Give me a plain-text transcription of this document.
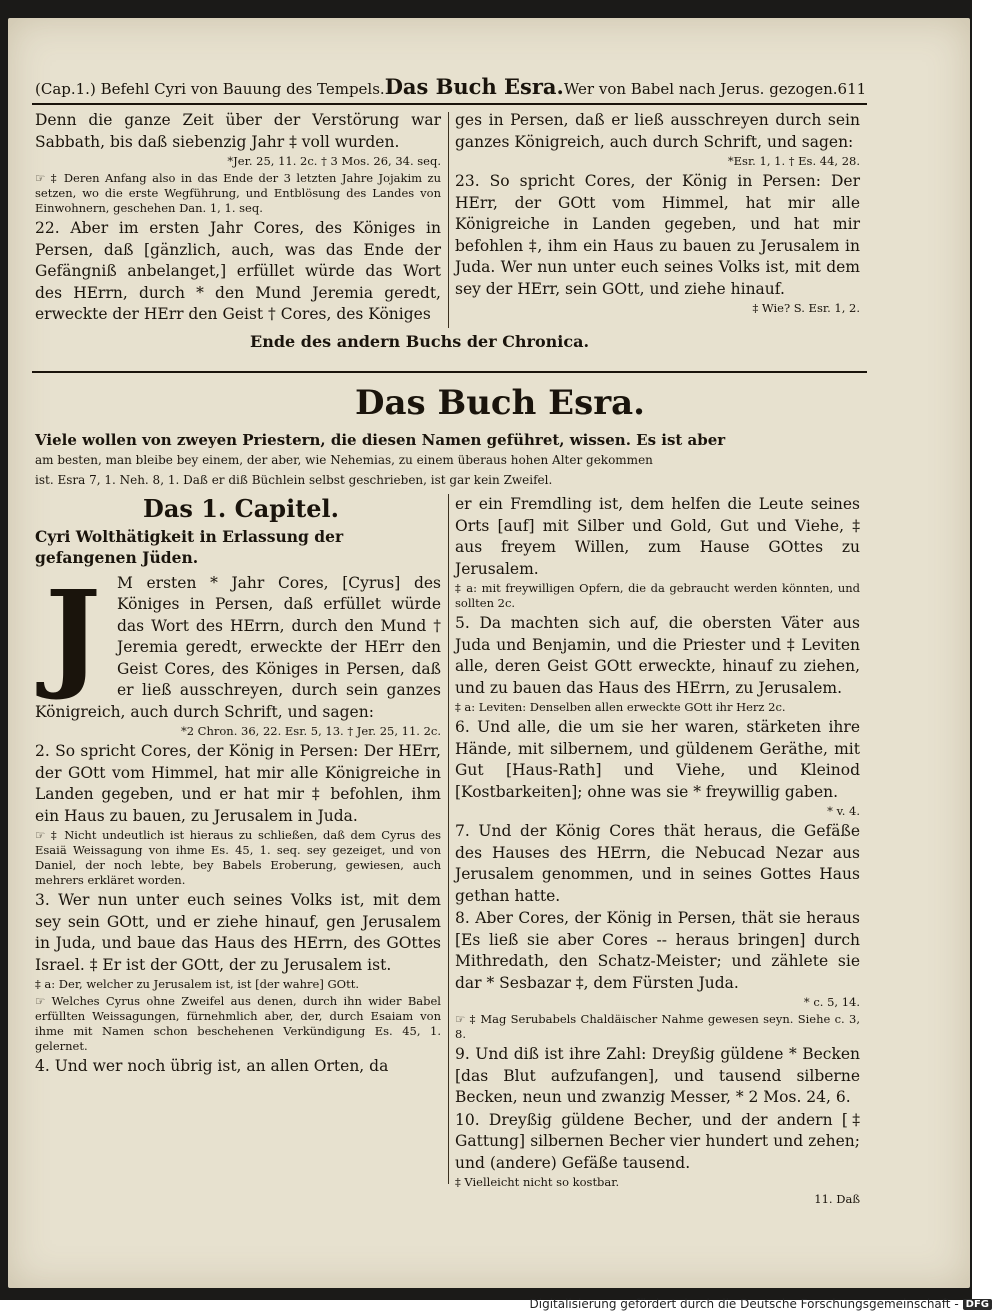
(Cap.1.) Befehl Cyri von Bauung des Tempels. Das Buch Esra. Wer von Babel nach Jerus. gezogen. 611

Denn die ganze Zeit über der Verstörung war Sabbath, bis daß siebenzig Jahr ‡ voll wurden.

*Jer. 25, 11. 2c. † 3 Mos. 26, 34. seq.

☞ ‡ Deren Anfang also in das Ende der 3 letzten Jahre Jojakim zu setzen, wo die erste Wegführung, und Entblösung des Landes von Einwohnern, geschehen Dan. 1, 1. seq.

22. Aber im ersten Jahr Cores, des Königes in Persen, daß [gänzlich, auch, was das Ende der Gefängniß anbelanget,] erfüllet würde das Wort des HErrn, durch * den Mund Jeremia geredt, erweckte der HErr den Geist † Cores, des Königes

ges in Persen, daß er ließ ausschreyen durch sein ganzes Königreich, auch durch Schrift, und sagen:

*Esr. 1, 1. † Es. 44, 28.

23. So spricht Cores, der König in Persen: Der HErr, der GOtt vom Himmel, hat mir alle Königreiche in Landen gegeben, und hat mir befohlen ‡, ihm ein Haus zu bauen zu Jerusalem in Juda. Wer nun unter euch seines Volks ist, mit dem sey der HErr, sein GOtt, und ziehe hinauf.

‡ Wie? S. Esr. 1, 2.

Ende des andern Buchs der Chronica.
Das Buch Esra.
Viele wollen von zweyen Priestern, die diesen Namen geführet, wissen. Es ist aber
am besten, man bleibe bey einem, der aber, wie Nehemias, zu einem überaus hohen Alter gekommen
ist. Esra 7, 1. Neh. 8, 1. Daß er diß Büchlein selbst geschrieben, ist gar kein Zweifel.

Das 1. Capitel.

Cyri Wolthätigkeit in Erlassung der gefangenen Jüden.

J	M ersten * Jahr Cores, [Cyrus] des Königes in Persen, daß erfüllet würde das Wort des HErrn, durch den Mund † Jeremia geredt, erweckte der HErr den Geist Cores, des Königes in Persen, daß er ließ ausschreyen, durch sein ganzes Königreich, auch durch Schrift, und sagen:

*2 Chron. 36, 22. Esr. 5, 13. † Jer. 25, 11. 2c.

2. So spricht Cores, der König in Persen: Der HErr, der GOtt vom Himmel, hat mir alle Königreiche in Landen gegeben, und er hat mir ‡ befohlen, ihm ein Haus zu bauen, zu Jerusalem in Juda.

☞ ‡ Nicht undeutlich ist hieraus zu schließen, daß dem Cyrus des Esaiä Weissagung von ihme Es. 45, 1. seq. sey gezeiget, und von Daniel, der noch lebte, bey Babels Eroberung, gewiesen, auch mehrers erkläret worden.

3. Wer nun unter euch seines Volks ist, mit dem sey sein GOtt, und er ziehe hinauf, gen Jerusalem in Juda, und baue das Haus des HErrn, des GOttes Israel. ‡ Er ist der GOtt, der zu Jerusalem ist.

‡ a: Der, welcher zu Jerusalem ist, ist [der wahre] GOtt.

☞ Welches Cyrus ohne Zweifel aus denen, durch ihn wider Babel erfüllten Weissagungen, fürnehmlich aber, der, durch Esaiam von ihme mit Namen schon beschehenen Verkündigung Es. 45, 1. gelernet.

4. Und wer noch übrig ist, an allen Orten, da

er ein Fremdling ist, dem helfen die Leute seines Orts [auf] mit Silber und Gold, Gut und Viehe, ‡ aus freyem Willen, zum Hause GOttes zu Jerusalem.

‡ a: mit freywilligen Opfern, die da gebraucht werden könnten, und sollten 2c.

5. Da machten sich auf, die obersten Väter aus Juda und Benjamin, und die Priester und ‡ Leviten alle, deren Geist GOtt erweckte, hinauf zu ziehen, und zu bauen das Haus des HErrn, zu Jerusalem.

‡ a: Leviten: Denselben allen erweckte GOtt ihr Herz 2c.

6. Und alle, die um sie her waren, stärketen ihre Hände, mit silbernem, und güldenem Geräthe, mit Gut [Haus-Rath] und Viehe, und Kleinod [Kostbarkeiten]; ohne was sie * freywillig gaben.

* v. 4.

7. Und der König Cores thät heraus, die Gefäße des Hauses des HErrn, die Nebucad Nezar aus Jerusalem genommen, und in seines Gottes Haus gethan hatte.

8. Aber Cores, der König in Persen, thät sie heraus [Es ließ sie aber Cores -- heraus bringen] durch Mithredath, den Schatz-Meister; und zählete sie dar * Sesbazar ‡, dem Fürsten Juda.

* c. 5, 14.

☞ ‡ Mag Serubabels Chaldäischer Nahme gewesen seyn. Siehe c. 3, 8.

9. Und diß ist ihre Zahl: Dreyßig güldene * Becken [das Blut aufzufangen], und tausend silberne Becken, neun und zwanzig Messer, * 2 Mos. 24, 6.

10. Dreyßig güldene Becher, und der andern [‡ Gattung] silbernen Becher vier hundert und zehen; und (andere) Gefäße tausend.

‡ Vielleicht nicht so kostbar.

11. Daß

Digitalisierung gefördert durch die Deutsche Forschungsgemeinschaft - DFG
